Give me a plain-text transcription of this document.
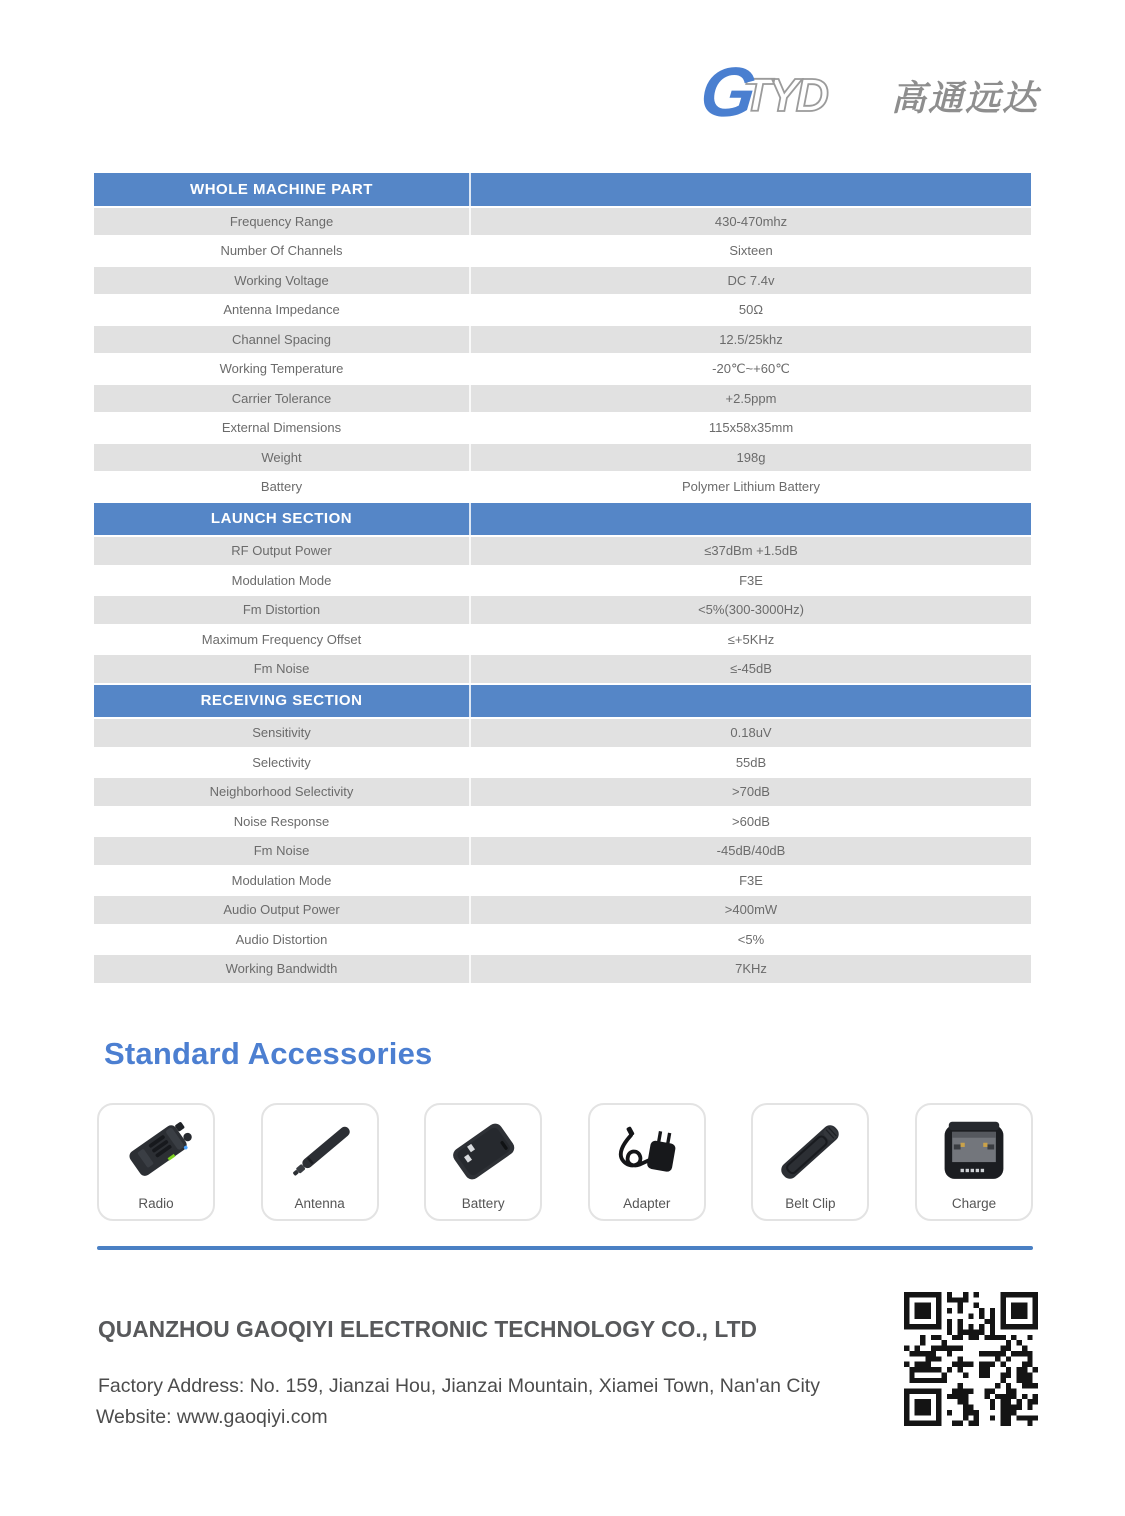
G
TYD 高通远达
WHOLE MACHINE PART
Frequency Range	430-470mhz
Number Of Channels	Sixteen
Working Voltage	DC 7.4v
Antenna Impedance	50Ω
Channel Spacing	12.5/25khz
Working Temperature	-20℃~+60℃
Carrier Tolerance	+2.5ppm
External Dimensions	115x58x35mm
Weight	198g
Battery	Polymer Lithium Battery
LAUNCH SECTION
RF Output Power	≤37dBm +1.5dB
Modulation Mode	F3E
Fm Distortion	<5%(300-3000Hz)
Maximum Frequency Offset	≤+5KHz
Fm Noise	≤-45dB
RECEIVING SECTION
Sensitivity	0.18uV
Selectivity	55dB
Neighborhood Selectivity	>70dB
Noise Response	>60dB
Fm Noise	-45dB/40dB
Modulation Mode	F3E
Audio Output Power	>400mW
Audio Distortion	<5%
Working Bandwidth	7KHz
Standard Accessories
Radio	Antenna	Battery	Adapter	Belt Clip	Charge
QUANZHOU GAOQIYI ELECTRONIC TECHNOLOGY CO., LTD
Factory Address: No. 159, Jianzai Hou, Jianzai Mountain, Xiamei Town, Nan'an City
Website: www.gaoqiyi.com
